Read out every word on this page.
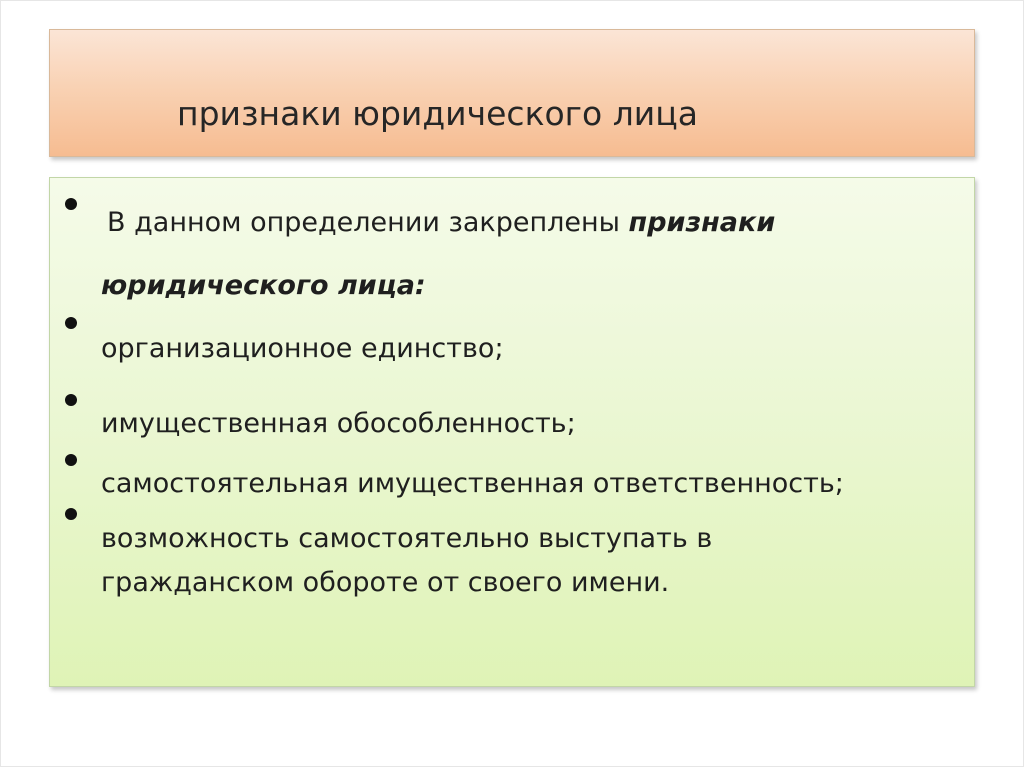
признаки юридического лица
В данном определении закреплены признаки
юридического лица:
организационное единство;
имущественная обособленность;
самостоятельная имущественная ответственность;
возможность самостоятельно выступать в
гражданском обороте от своего имени.
